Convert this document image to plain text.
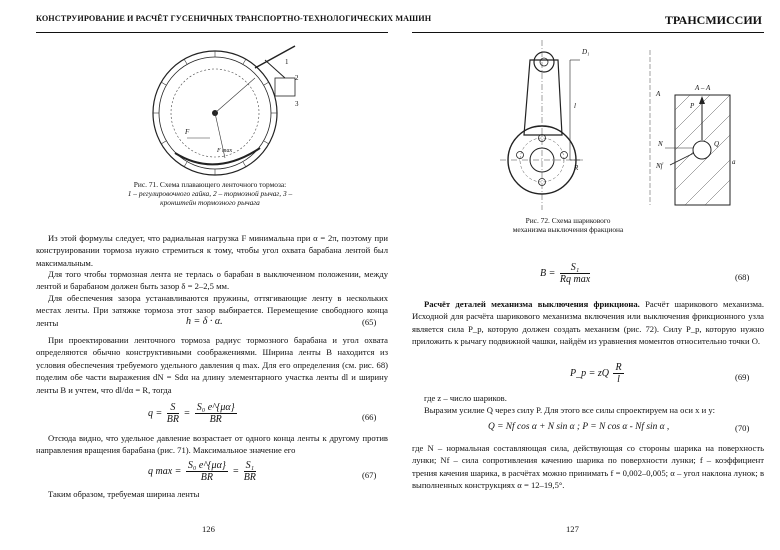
КОНСТРУИРОВАНИЕ И РАСЧЁТ ГУСЕНИЧНЫХ ТРАНСПОРТНО-ТЕХНОЛОГИЧЕСКИХ МАШИН
1
2
3
F
F max
Рис. 71. Схема плавающего ленточного тормоза:
1 – регулировочного гайка, 2 – тормозной рычаг, 3 – кронштейн тормозного рычага

Из этой формулы следует, что радиальная нагрузка F минимальна при α = 2π, поэтому при конструировании тормоза нужно стремиться к тому, чтобы угол охвата барабана лентой был максимальным.

Для того чтобы тормозная лента не терлась о барабан в выключенном положении, между лентой и барабаном должен быть зазор δ = 2–2,5 мм.

Для обеспечения зазора устанавливаются пружины, оттягивающие ленту в нескольких местах ленты. При затяжке тормоза этот зазор выбирается. Перемещение свободного конца ленты	h = δ · α.	(65)

При проектировании ленточного тормоза радиус тормозного барабана и угол охвата определяются обычно конструктивными соображениями. Ширина ленты B находится из условия обеспечения требуемого удельного давления q max. Для его определения (см. рис. 68) поделим обе части выражения dN = Sdα на длину элементарного участка ленты dl и ширину ленты B и учтем, что dl/dα = R, тогда

$q = \frac{S}{BR} = \frac{\text{S₀ e\textasciicircum{}\{μα\}}}{BR}$	(66)

Отсюда видно, что удельное давление возрастает от одного конца ленты к другому против направления вращения барабана (рис. 71). Максимальное значение его

q $\max = \frac{\text{S₀ e\textasciicircum{}\{μα\}}}{BR} = \frac{\text{S₁}}{BR}$	(67)

Таким образом, требуемая ширина ленты

126
ТРАНСМИССИИ
D₁
A – A
A
l	P
N
Nf
Q
a
R
Рис. 72. Схема шарикового механизма выключения фракциона
$B = \frac{\text{S₁}}{\text{Rq max}}$	(68)

Расчёт деталей механизма выключения фрикциона. Расчёт шарикового механизма. Исходной для расчёта шарикового механизма включения или выключения фрикционного узла является сила P_p, которую должен создать механизм (рис. 72). Силу P_p, которую нужно приложить к рычагу подвижной чашки, найдём из уравнения моментов относительно точки O.

P_p = zQ $\frac{R}{l}$	(69)

где z – число шариков.

Выразим усилие Q через силу P. Для этого все силы спроектируем на оси x и y:

Q = Nf cos α + N sin α ; P = N cos α - Nf sin α ,	(70)

где N – нормальная составляющая сила, действующая со стороны шарика на поверхность лунки; Nf – сила сопротивления качению шарика по поверхности лунки; f – коэффициент трения качения шарика, в расчётах можно принимать f = 0,002–0,005; α – угол наклона лунок; в выполненных конструкциях α = 12–19,5°.

127
